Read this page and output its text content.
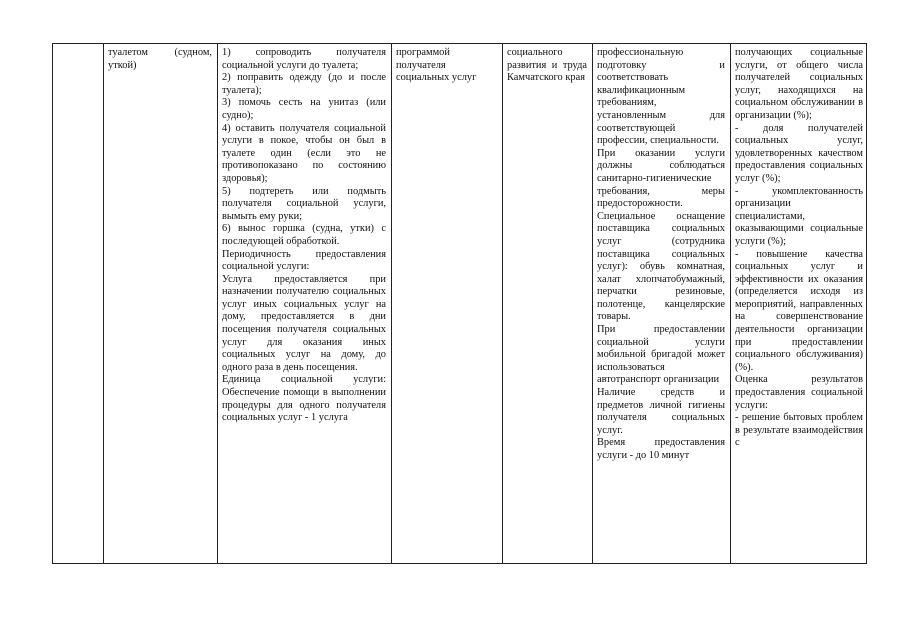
туалетом (судном, уткой)

1) сопроводить получателя социальной услуги до туалета;

2) поправить одежду (до и после туалета);

3) помочь сесть на унитаз (или судно);

4) оставить получателя социальной услуги в покое, чтобы он был в туалете один (если это не противопоказано по состоянию здоровья);

5) подтереть или подмыть получателя социальной услуги, вымыть ему руки;

6) вынос горшка (судна, утки) с последующей обработкой.

Периодичность предоставления социальной услуги:

Услуга предоставляется при назначении получателю социальных услуг иных социальных услуг на дому, предоставляется в дни посещения получателя социальных услуг для оказания иных социальных услуг на дому, до одного раза в день посещения.

Единица социальной услуги: Обеспечение помощи в выполнении процедуры для одного получателя социальных услуг - 1 услуга

программой получателя социальных услуг

социального развития и труда Камчатского края

профессиональную подготовку и соответствовать квалификационным требованиям, установленным для соответствующей профессии, специальности.

При оказании услуги должны соблюдаться санитарно-гигиенические требования, меры предосторожности.

Специальное оснащение поставщика социальных услуг (сотрудника поставщика социальных услуг): обувь комнатная, халат хлопчатобумажный, перчатки резиновые, полотенце, канцелярские товары.

При предоставлении социальной услуги мобильной бригадой может использоваться автотранспорт организации

Наличие средств и предметов личной гигиены получателя социальных услуг.

Время предоставления услуги - до 10 минут

получающих социальные услуги, от общего числа получателей социальных услуг, находящихся на социальном обслуживании в организации (%);

- доля получателей социальных услуг, удовлетворенных качеством предоставления социальных услуг (%);

- укомплектованность организации специалистами, оказывающими социальные услуги (%);

- повышение качества социальных услуг и эффективности их оказания (определяется исходя из мероприятий, направленных на совершенствование деятельности организации при предоставлении социального обслуживания) (%).

Оценка результатов предоставления социальной услуги:

- решение бытовых проблем в результате взаимодействия с
